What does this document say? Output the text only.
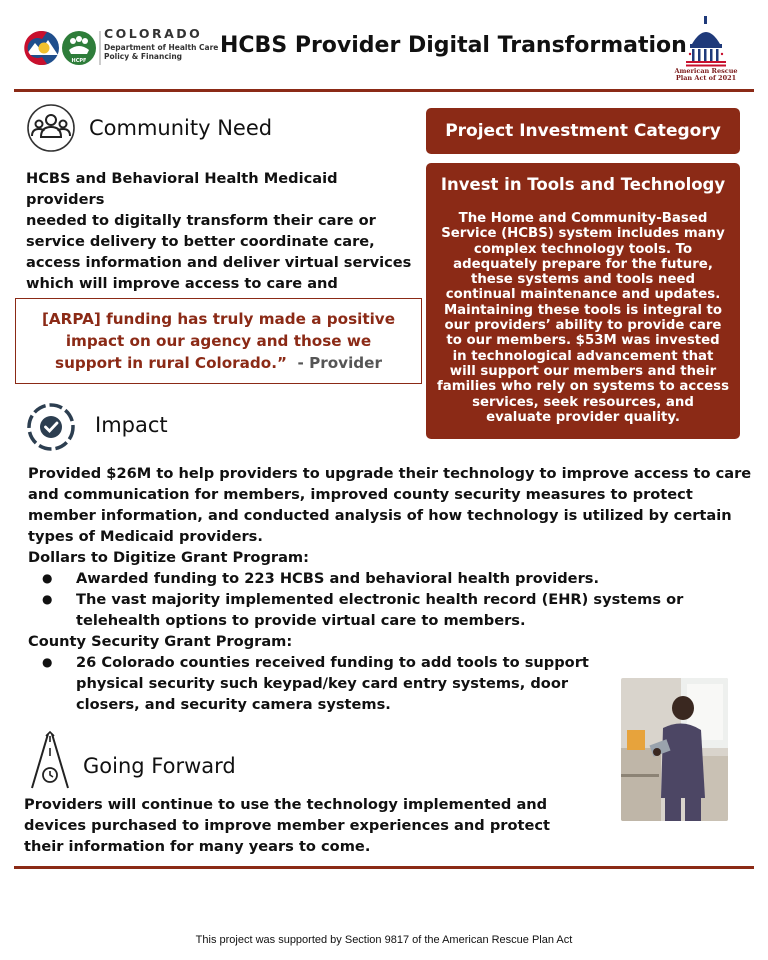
HCPF
COLORADO
Department of Health Care
Policy & Financing	HCBS Provider Digital Transformation
American Rescue Plan Act of 2021
Community Need
HCBS and Behavioral Health Medicaid providers
needed to digitally transform their care or
service delivery to better coordinate care,
access information and deliver virtual services
which will improve access to care and
[ARPA] funding has truly made a positive
impact on our agency and those we
support in rural Colorado.” - Provider
Project Investment Category
Invest in Tools and Technology
The Home and Community-Based
Service (HCBS) system includes many
complex technology tools. To
adequately prepare for the future,
these systems and tools need
continual maintenance and updates.
Maintaining these tools is integral to
our providers’ ability to provide care
to our members. $53M was invested
in technological advancement that
will support our members and their
families who rely on systems to access
services, seek resources, and
evaluate provider quality.
Impact
Provided $26M to help providers to upgrade their technology to improve access to care
and communication for members, improved county security measures to protect
member information, and conducted analysis of how technology is utilized by certain
types of Medicaid providers.
Dollars to Digitize Grant Program:
● Awarded funding to 223 HCBS and behavioral health providers.
● The vast majority implemented electronic health record (EHR) systems or
telehealth options to provide virtual care to members.
County Security Grant Program:
● 26 Colorado counties received funding to add tools to support
physical security such keypad/key card entry systems, door
closers, and security camera systems.
Going Forward
Providers will continue to use the technology implemented and
devices purchased to improve member experiences and protect
their information for many years to come.
This project was supported by Section 9817 of the American Rescue Plan Act
